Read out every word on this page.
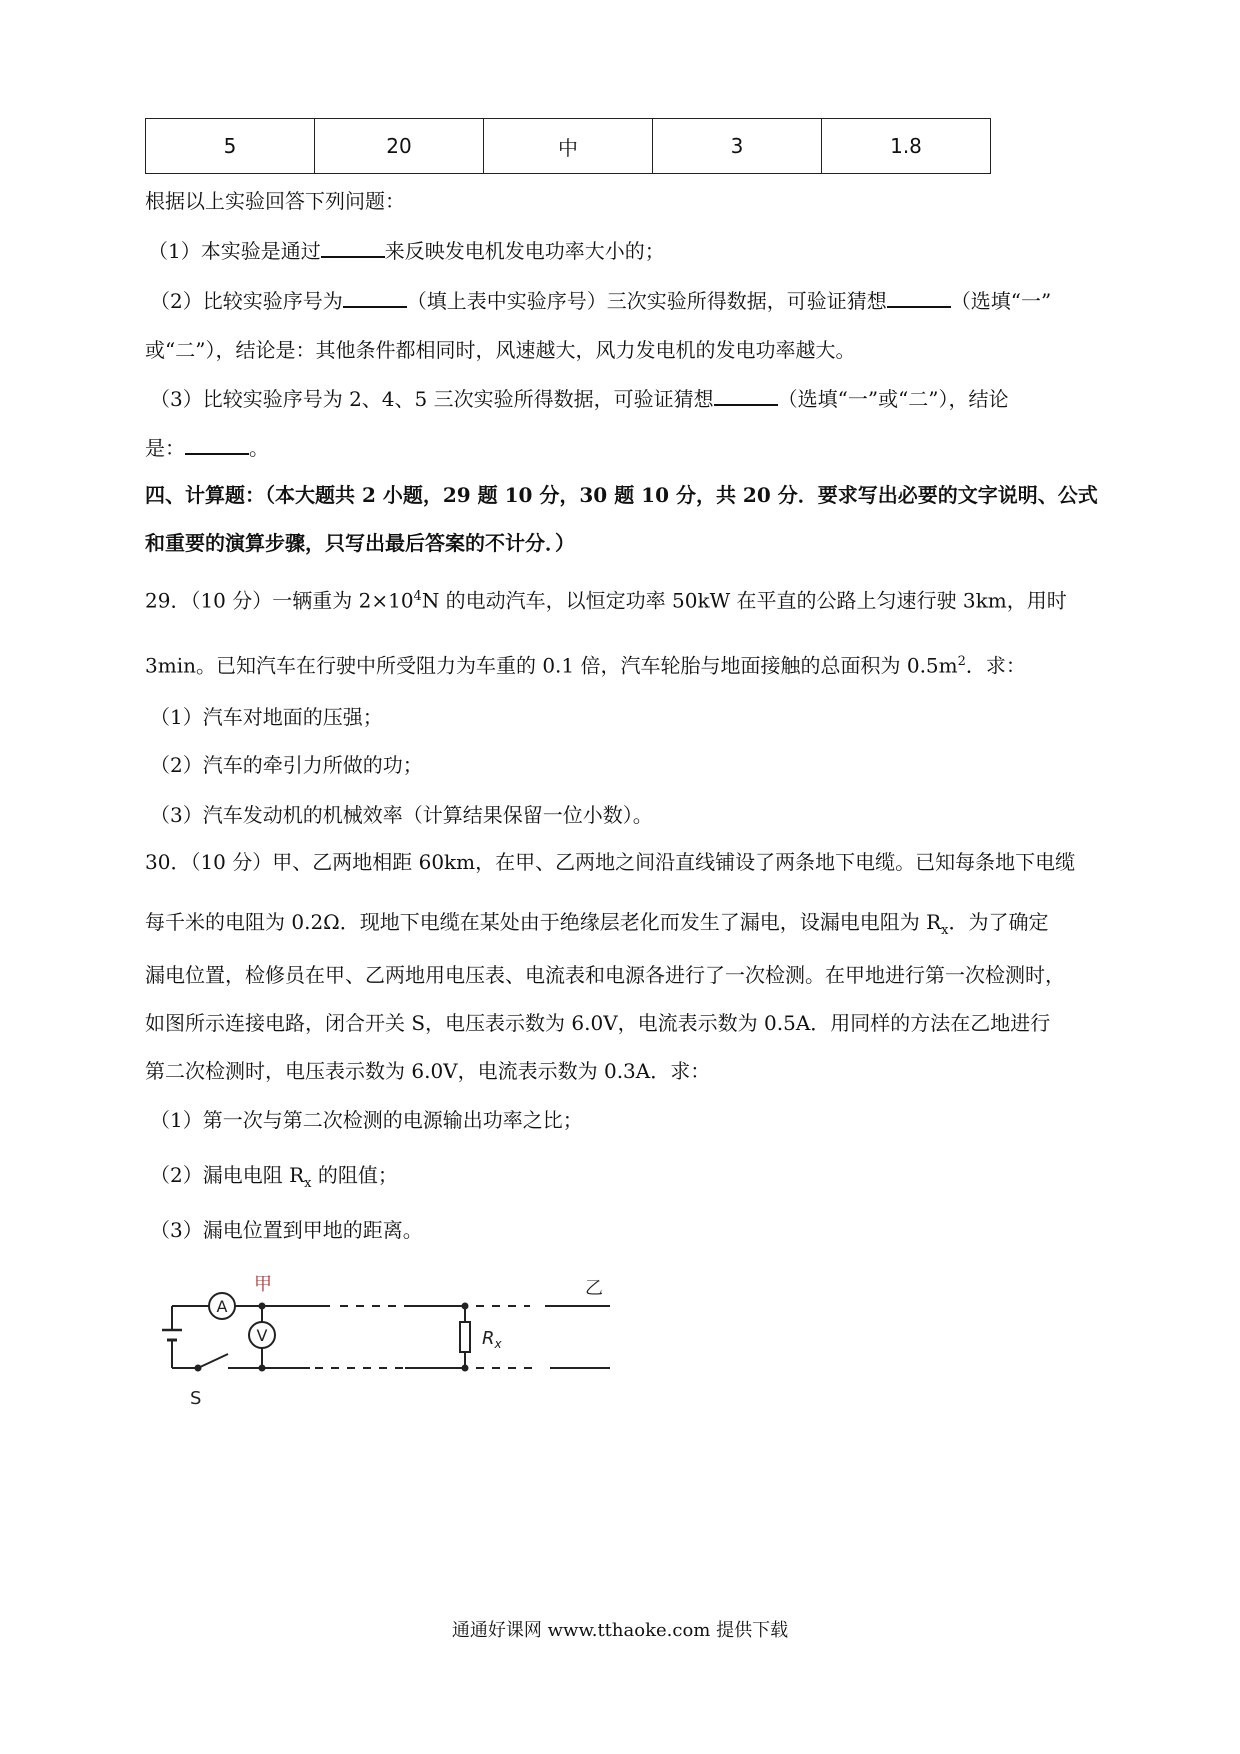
5	20	中	3	1.8
根据以上实验回答下列问题：
（1）本实验是通过	来反映发电机发电功率大小的；
（2）比较实验序号为	（填上表中实验序号）三次实验所得数据，可验证猜想	（选填“一”
或“二”），结论是：其他条件都相同时，风速越大，风力发电机的发电功率越大。
（3）比较实验序号为 2、4、5 三次实验所得数据，可验证猜想	（选填“一”或“二”），结论
是：	。
四、计算题：（本大题共 2 小题，29 题 10 分，30 题 10 分，共 20 分．要求写出必要的文字说明、公式
和重要的演算步骤，只写出最后答案的不计分．）
29．（10 分）一辆重为 $2\times 10^4N$ 的电动汽车，以恒定功率 50kW 在平直的公路上匀速行驶 3km，用时
3min。已知汽车在行驶中所受阻力为车重的 0.1 倍，汽车轮胎与地面接触的总面积为 $0.5m^2$．求：
（1）汽车对地面的压强；
（2）汽车的牵引力所做的功；
（3）汽车发动机的机械效率（计算结果保留一位小数）。
30．（10 分）甲、乙两地相距 60km，在甲、乙两地之间沿直线铺设了两条地下电缆。已知每条地下电缆
每千米的电阻为 0.2Ω．现地下电缆在某处由于绝缘层老化而发生了漏电，设漏电电阻为 $R_x$．为了确定
漏电位置，检修员在甲、乙两地用电压表、电流表和电源各进行了一次检测。在甲地进行第一次检测时，
如图所示连接电路，闭合开关 S，电压表示数为 6.0V，电流表示数为 0.5A．用同样的方法在乙地进行
第二次检测时，电压表示数为 6.0V，电流表示数为 0.3A．求：
（1）第一次与第二次检测的电源输出功率之比；
（2）漏电电阻 $R_x$ 的阻值；
（3）漏电位置到甲地的距离。
A
V
甲	乙
$R_x$
S
通通好课网 www.tthaoke.com 提供下载
